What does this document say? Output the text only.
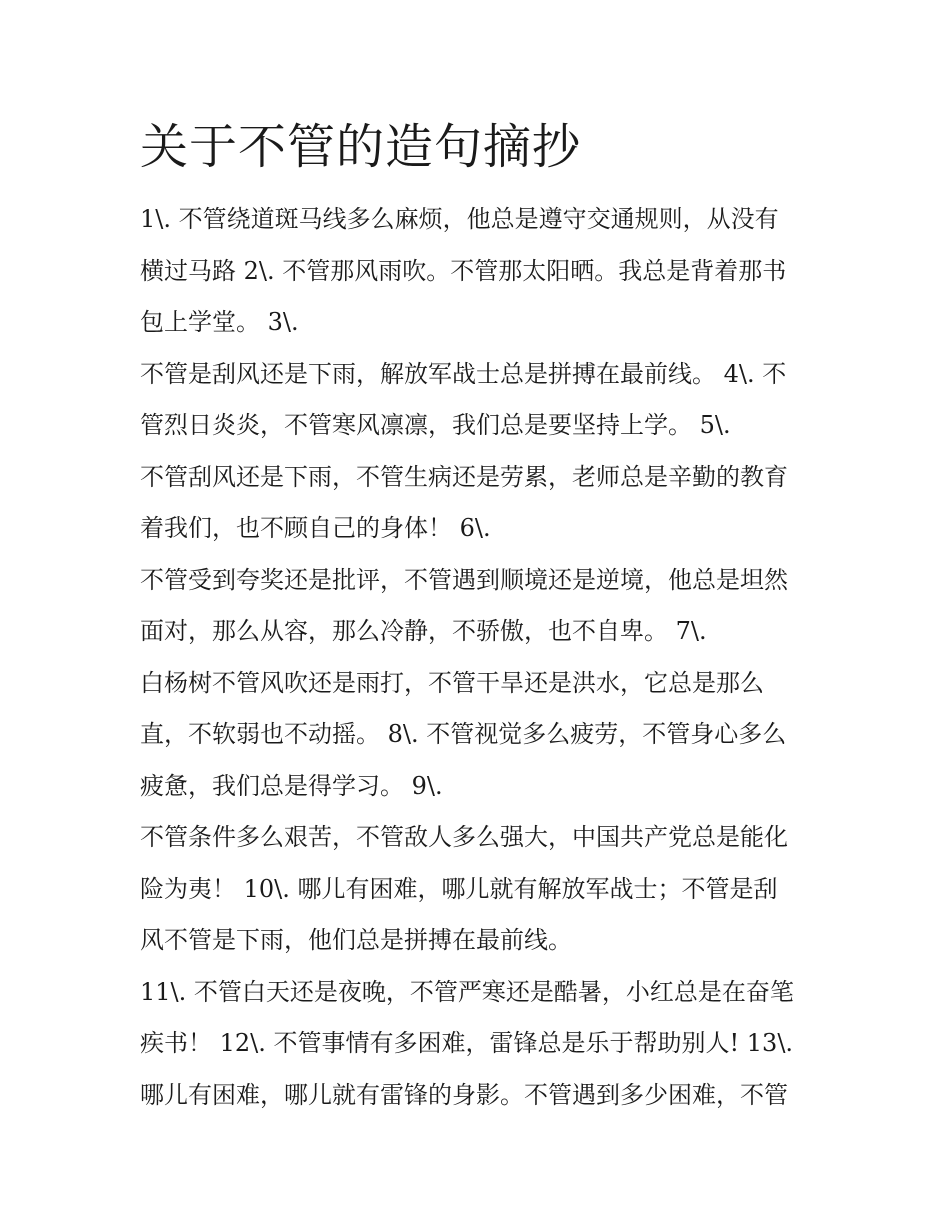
关于不管的造句摘抄

1\. 不管绕道斑马线多么麻烦，他总是遵守交通规则，从没有
横过马路 2\. 不管那风雨吹。不管那太阳晒。我总是背着那书
包上学堂。 3\.

不管是刮风还是下雨，解放军战士总是拼搏在最前线。 4\. 不
管烈日炎炎，不管寒风凛凛，我们总是要坚持上学。 5\.

不管刮风还是下雨，不管生病还是劳累，老师总是辛勤的教育
着我们，也不顾自己的身体！ 6\.

不管受到夸奖还是批评，不管遇到顺境还是逆境，他总是坦然
面对，那么从容，那么冷静，不骄傲，也不自卑。 7\.

白杨树不管风吹还是雨打，不管干旱还是洪水，它总是那么
直，不软弱也不动摇。 8\. 不管视觉多么疲劳，不管身心多么
疲惫，我们总是得学习。 9\.

不管条件多么艰苦，不管敌人多么强大，中国共产党总是能化
险为夷！ 10\. 哪儿有困难，哪儿就有解放军战士；不管是刮
风不管是下雨，他们总是拼搏在最前线。

11\. 不管白天还是夜晚，不管严寒还是酷暑，小红总是在奋笔
疾书！ 12\. 不管事情有多困难，雷锋总是乐于帮助别人! 13\.
哪儿有困难，哪儿就有雷锋的身影。不管遇到多少困难，不管
